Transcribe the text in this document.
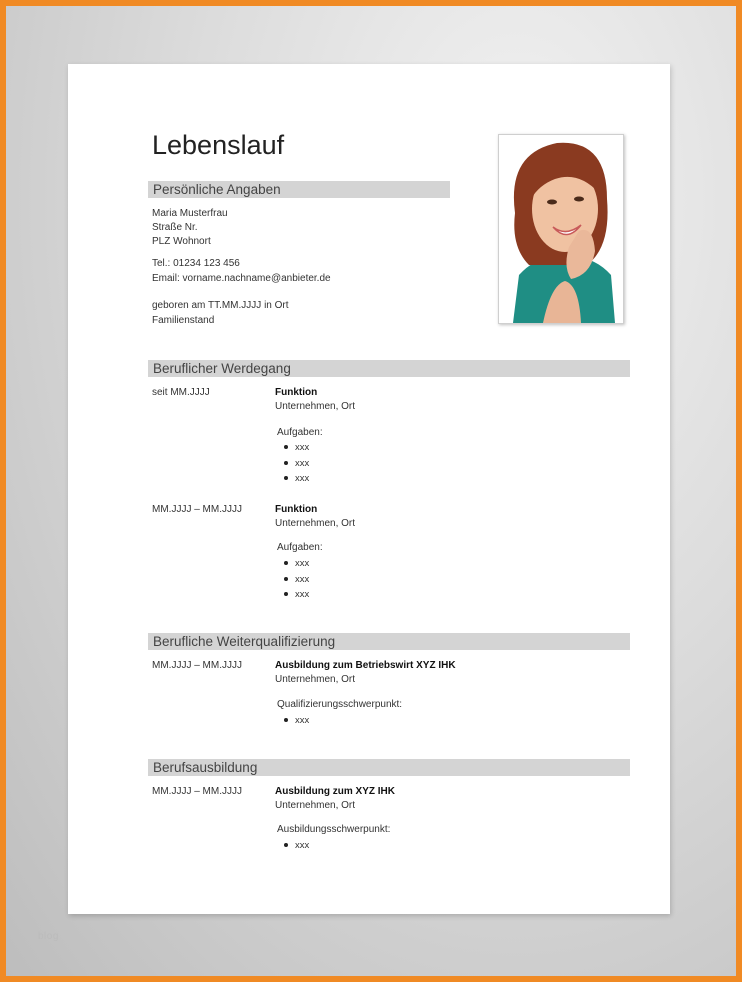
blog
Lebenslauf
Persönliche Angaben
Maria Musterfrau
Straße Nr.
PLZ Wohnort
Tel.: 01234 123 456
Email: vorname.nachname@anbieter.de
geboren am TT.MM.JJJJ in Ort
Familienstand
Beruflicher Werdegang
seit MM.JJJJ	Funktion
Unternehmen, Ort
Aufgaben:
xxx
xxx
xxx
MM.JJJJ – MM.JJJJ	Funktion
Unternehmen, Ort
Aufgaben:
xxx
xxx
xxx
Berufliche Weiterqualifizierung
MM.JJJJ – MM.JJJJ	Ausbildung zum Betriebswirt XYZ IHK
Unternehmen, Ort
Qualifizierungsschwerpunkt:
xxx
Berufsausbildung
MM.JJJJ – MM.JJJJ	Ausbildung zum XYZ IHK
Unternehmen, Ort
Ausbildungsschwerpunkt:
xxx
